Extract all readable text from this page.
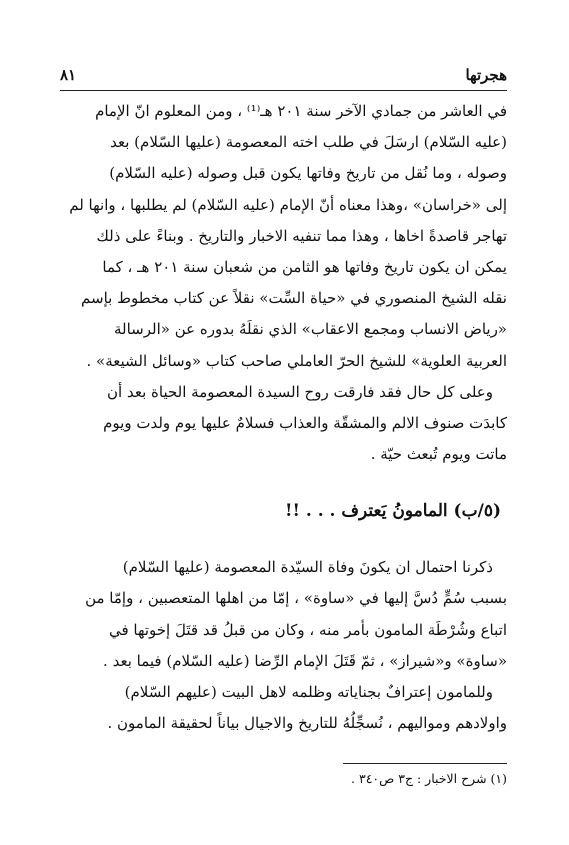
هجرتها
٨١
في العاشر من جمادي الآخر سنة ٢٠١ هـ⁽¹⁾ ، ومن المعلوم انّ الإمام
(عليه السّلام) ارسَلَ في طلب اخته المعصومة (عليها السّلام) بعد
وصوله ، وما نُقل من تاريخ وفاتها يكون قبل وصوله (عليه السّلام)
إلى «خراسان» ،وهذا معناه أنّ الإمام (عليه السّلام) لم يطلبها ، وانها لم
تهاجر قاصدةً اخاها ، وهذا مما تنفيه الاخبار والتاريخ . وبناءً على ذلك
يمكن ان يكون تاريخ وفاتها هو الثامن من شعبان سنة ٢٠١ هـ ، كما
نقله الشيخ المنصوري في «حياة السِّت» نقلاً عن كتاب مخطوط بإسم
«رياض الانساب ومجمع الاعقاب» الذي نقلَهُ بدوره عن «الرسالة
العربية العلوية» للشيخ الحرّ العاملي صاحب كتاب «وسائل الشيعة» .
وعلى كل حال فقد فارقت روح السيدة المعصومة الحياة بعد أن
كابدَت صنوف الالم والمشقّة والعذاب فسلامٌ عليها يوم ولدت ويوم
ماتت ويوم تُبعث حيّة .
(٥/ب) المامونُ يَعترف . . . !!
ذكرنا احتمال ان يكونَ وفاة السيّدة المعصومة (عليها السّلام)
بسبب سُمٍّ دُسَّ إليها في «ساوة» ، إمّا من اهلها المتعصبين ، وإمّا من
اتباع وشُرْطَة المامون بأمر منه ، وكان من قبلُ قد قتَلَ إخوتها في
«ساوة» و«شيراز» ، ثمّ قَتَلَ الإمام الرِّضا (عليه السّلام) فيما بعد .
وللمامون إعترافٌ بجناياته وظلمه لاهل البيت (عليهم السّلام)
واولادهم ومواليهم ، نُسجِّلُهُ للتاريخ والاجيال بياناً لحقيقة المامون .
(١) شرح الاخبار : ج٣ ص٣٤٠ .
